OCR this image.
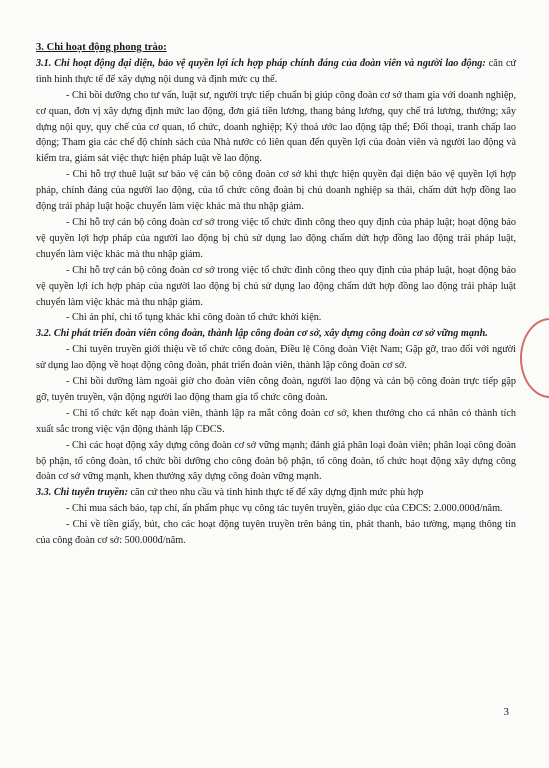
3. Chi hoạt động phong trào:

3.1. Chi hoạt động đại diện, bảo vệ quyền lợi ích hợp pháp chính đáng của đoàn viên và người lao động: căn cứ tình hình thực tế để xây dựng nội dung và định mức cụ thể.

- Chi bồi dưỡng cho tư vấn, luật sư, người trực tiếp chuẩn bị giúp công đoàn cơ sở tham gia với doanh nghiệp, cơ quan, đơn vị xây dựng định mức lao động, đơn giá tiền lương, thang bảng lương, quy chế trả lương, thưởng; xây dựng nội quy, quy chế của cơ quan, tổ chức, doanh nghiệp; Ký thoả ước lao động tập thể; Đối thoại, tranh chấp lao động; Tham gia các chế độ chính sách của Nhà nước có liên quan đến quyền lợi của đoàn viên và người lao động và kiểm tra, giám sát việc thực hiện pháp luật về lao động.

- Chi hỗ trợ thuê luật sư bảo vệ cán bộ công đoàn cơ sở khi thực hiện quyền đại diện bảo vệ quyền lợi hợp pháp, chính đáng của người lao động, của tổ chức công đoàn bị chủ doanh nghiệp sa thải, chấm dứt hợp đồng lao động trái pháp luật hoặc chuyển làm việc khác mà thu nhập giảm.

- Chi hỗ trợ cán bộ công đoàn cơ sở trong việc tổ chức đình công theo quy định của pháp luật; hoạt động bảo vệ quyền lợi hợp pháp của người lao động bị chủ sử dụng lao động chấm dứt hợp đồng lao động trái pháp luật, chuyển làm việc khác mà thu nhập giảm.

- Chi hỗ trợ cán bộ công đoàn cơ sở trong việc tổ chức đình công theo quy định của pháp luật, hoạt động bảo vệ quyền lợi ích hợp pháp của người lao động bị chủ sử dụng lao động chấm dứt hợp đồng lao động trái pháp luật chuyển làm việc khác mà thu nhập giảm.

- Chi án phí, chi tố tụng khác khi công đoàn tổ chức khởi kiện.

3.2. Chi phát triển đoàn viên công đoàn, thành lập công đoàn cơ sở, xây dựng công đoàn cơ sở vững mạnh.

- Chi tuyên truyền giới thiệu về tổ chức công đoàn, Điều lệ Công đoàn Việt Nam; Gặp gỡ, trao đổi với người sử dụng lao động về hoạt động công đoàn, phát triển đoàn viên, thành lập công đoàn cơ sở.

- Chi bồi dưỡng làm ngoài giờ cho đoàn viên công đoàn, người lao động và cán bộ công đoàn trực tiếp gặp gỡ, tuyên truyền, vận động người lao động tham gia tổ chức công đoàn.

- Chi tổ chức kết nạp đoàn viên, thành lập ra mắt công đoàn cơ sở, khen thưởng cho cá nhân có thành tích xuất sắc trong việc vận động thành lập CĐCS.

- Chi các hoạt động xây dựng công đoàn cơ sở vững mạnh; đánh giá phân loại đoàn viên; phân loại công đoàn bộ phận, tổ công đoàn, tổ chức bồi dưỡng cho công đoàn bộ phận, tổ công đoàn, tổ chức hoạt động xây dựng công đoàn cơ sở vững mạnh, khen thưởng xây dựng công đoàn vững mạnh.

3.3. Chi tuyên truyền: căn cứ theo nhu cầu và tình hình thực tế để xây dựng định mức phù hợp

- Chi mua sách báo, tạp chí, ấn phẩm phục vụ công tác tuyên truyền, giáo dục của CĐCS: 2.000.000đ/năm.

- Chi về tiền giấy, bút, cho các hoạt động tuyên truyền trên bảng tin, phát thanh, báo tường, mạng thông tin của công đoàn cơ sở: 500.000đ/năm.

3
